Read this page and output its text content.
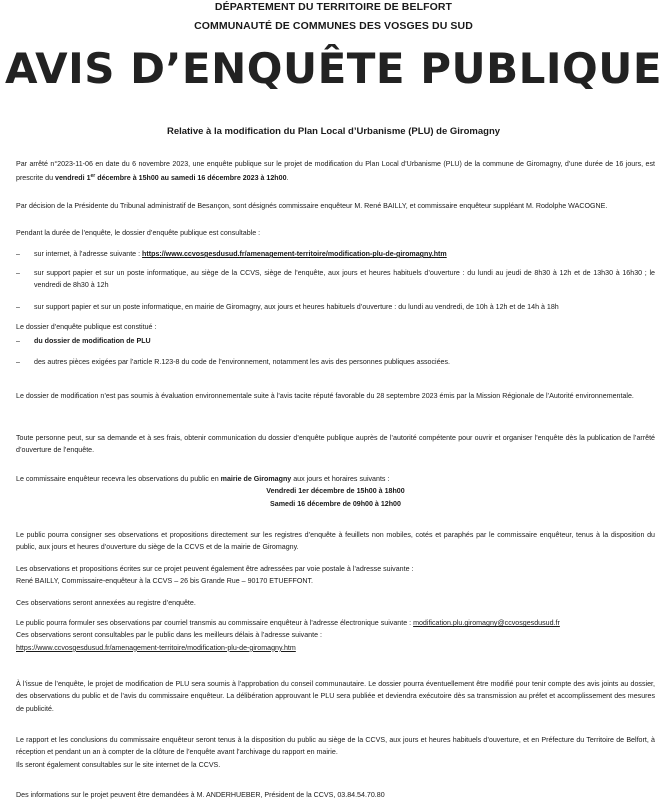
DÉPARTEMENT DU TERRITOIRE DE BELFORT
COMMUNAUTÉ DE COMMUNES DES VOSGES DU SUD
AVIS D’ENQUÊTE PUBLIQUE
Relative à la modification du Plan Local d’Urbanisme (PLU) de Giromagny

Par arrêté n°2023-11-06 en date du 6 novembre 2023, une enquête publique sur le projet de modification du Plan Local d’Urbanisme (PLU) de la commune de Giromagny, d’une durée de 16 jours, est prescrite du vendredi 1er décembre à 15h00 au samedi 16 décembre 2023 à 12h00.

Par décision de la Présidente du Tribunal administratif de Besançon, sont désignés commissaire enquêteur M. René BAILLY, et commissaire enquêteur suppléant M. Rodolphe WACOGNE.

Pendant la durée de l’enquête, le dossier d’enquête publique est consultable :

–	sur internet, à l’adresse suivante : https://www.ccvosgesdusud.fr/amenagement-territoire/modification-plu-de-giromagny.htm
–	sur support papier et sur un poste informatique, au siège de la CCVS, siège de l’enquête, aux jours et heures habituels d’ouverture : du lundi au jeudi de 8h30 à 12h et de 13h30 à 16h30 ; le vendredi de 8h30 à 12h
–	sur support papier et sur un poste informatique, en mairie de Giromagny, aux jours et heures habituels d’ouverture : du lundi au vendredi, de 10h à 12h et de 14h à 18h

Le dossier d’enquête publique est constitué :

–	du dossier de modification de PLU
–	des autres pièces exigées par l’article R.123-8 du code de l’environnement, notamment les avis des personnes publiques associées.

Le dossier de modification n’est pas soumis à évaluation environnementale suite à l’avis tacite réputé favorable du 28 septembre 2023 émis par la Mission Régionale de l’Autorité environnementale.

Toute personne peut, sur sa demande et à ses frais, obtenir communication du dossier d’enquête publique auprès de l’autorité compétente pour ouvrir et organiser l’enquête dès la publication de l’arrêté d’ouverture de l’enquête.

Le commissaire enquêteur recevra les observations du public en mairie de Giromagny aux jours et horaires suivants :

Vendredi 1er décembre de 15h00 à 18h00
Samedi 16 décembre de 09h00 à 12h00

Le public pourra consigner ses observations et propositions directement sur les registres d’enquête à feuillets non mobiles, cotés et paraphés par le commissaire enquêteur, tenus à la disposition du public, aux jours et heures d’ouverture du siège de la CCVS et de la mairie de Giromagny.

Les observations et propositions écrites sur ce projet peuvent également être adressées par voie postale à l’adresse suivante :

René BAILLY, Commissaire-enquêteur à la CCVS – 26 bis Grande Rue – 90170 ETUEFFONT.

Ces observations seront annexées au registre d’enquête.

Le public pourra formuler ses observations par courriel transmis au commissaire enquêteur à l’adresse électronique suivante : modification.plu.giromagny@ccvosgesdusud.fr

Ces observations seront consultables par le public dans les meilleurs délais à l’adresse suivante :

https://www.ccvosgesdusud.fr/amenagement-territoire/modification-plu-de-giromagny.htm

À l’issue de l’enquête, le projet de modification de PLU sera soumis à l’approbation du conseil communautaire. Le dossier pourra éventuellement être modifié pour tenir compte des avis joints au dossier, des observations du public et de l’avis du commissaire enquêteur. La délibération approuvant le PLU sera publiée et deviendra exécutoire dès sa transmission au préfet et accomplissement des mesures de publicité.

Le rapport et les conclusions du commissaire enquêteur seront tenus à la disposition du public au siège de la CCVS, aux jours et heures habituels d’ouverture, et en Préfecture du Territoire de Belfort, à réception et pendant un an à compter de la clôture de l’enquête avant l’archivage du rapport en mairie.

Ils seront également consultables sur le site internet de la CCVS.

Des informations sur le projet peuvent être demandées à M. ANDERHUEBER, Président de la CCVS, 03.84.54.70.80
